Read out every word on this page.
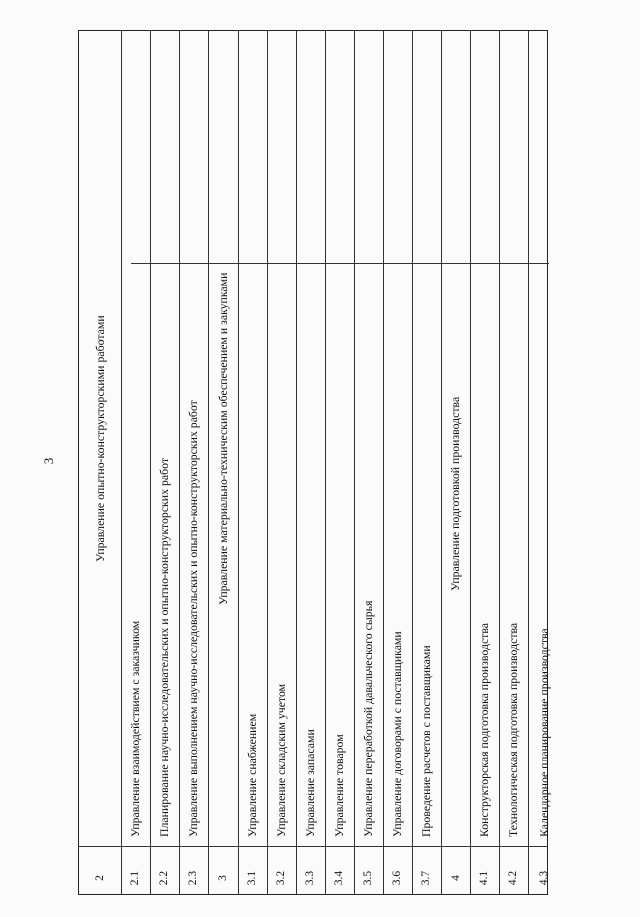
3
2
Управление опытно-конструкторскими работами
2.1
Управление взаимодействием с заказчиком
2.2
Планирование научно-исследовательских и опытно-конструкторских работ
2.3
Управление выполнением научно-исследовательских и опытно-конструкторских работ
3
Управление материально-техническим обеспечением и закупками
3.1
Управление снабжением
3.2
Управление складским учетом
3.3
Управление запасами
3.4
Управление товаром
3.5
Управление переработкой давальческого сырья
3.6
Управление договорами с поставщиками
3.7
Проведение расчетов с поставщиками
4
Управление подготовкой производства
4.1
Конструкторская подготовка производства
4.2
Технологическая подготовка производства
4.3
Календарное планирование производства
